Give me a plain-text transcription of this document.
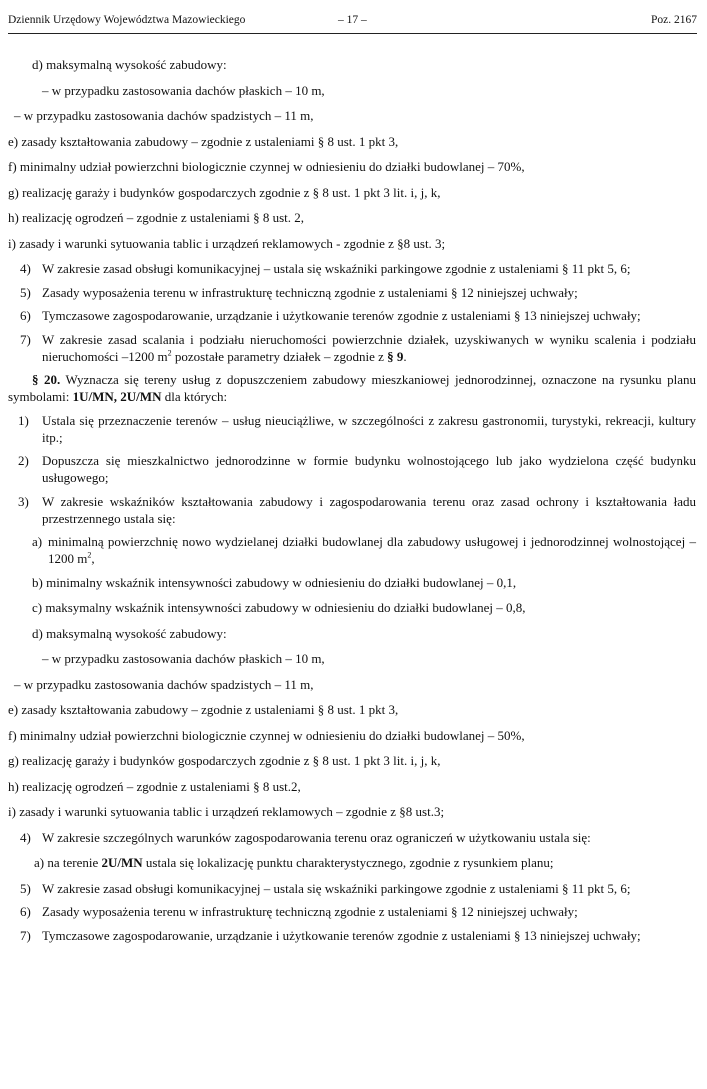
Dziennik Urzędowy Województwa Mazowieckiego	– 17 –	Poz. 2167
d) maksymalną wysokość zabudowy:
– w przypadku zastosowania dachów płaskich – 10 m,
– w przypadku zastosowania dachów spadzistych – 11 m,
e) zasady kształtowania zabudowy – zgodnie z ustaleniami § 8 ust. 1 pkt 3,
f) minimalny udział powierzchni biologicznie czynnej w odniesieniu do działki budowlanej – 70%,
g) realizację garaży i budynków gospodarczych zgodnie z § 8 ust. 1 pkt 3 lit. i, j, k,
h) realizację ogrodzeń – zgodnie z ustaleniami § 8 ust. 2,
i) zasady i warunki sytuowania tablic i urządzeń reklamowych - zgodnie z §8 ust. 3;
4) W zakresie zasad obsługi komunikacyjnej – ustala się wskaźniki parkingowe zgodnie z ustaleniami § 11 pkt 5, 6;
5) Zasady wyposażenia terenu w infrastrukturę techniczną zgodnie z ustaleniami § 12 niniejszej uchwały;
6) Tymczasowe zagospodarowanie, urządzanie i użytkowanie terenów zgodnie z ustaleniami § 13 niniejszej uchwały;
7) W zakresie zasad scalania i podziału nieruchomości powierzchnie działek, uzyskiwanych w wyniku scalenia i podziału nieruchomości –1200 $m^2$ pozostałe parametry działek – zgodnie z § 9.
§ 20. Wyznacza się tereny usług z dopuszczeniem zabudowy mieszkaniowej jednorodzinnej, oznaczone na rysunku planu symbolami: 1U/MN, 2U/MN dla których:
1)	Ustala się przeznaczenie terenów – usług nieuciążliwe, w szczególności z zakresu gastronomii, turystyki, rekreacji, kultury itp.;
2)	Dopuszcza się mieszkalnictwo jednorodzinne w formie budynku wolnostojącego lub jako wydzielona część budynku usługowego;
3)	W zakresie wskaźników kształtowania zabudowy i zagospodarowania terenu oraz zasad ochrony i kształtowania ładu przestrzennego ustala się:
a) minimalną powierzchnię nowo wydzielanej działki budowlanej dla zabudowy usługowej i jednorodzinnej wolnostojącej – 1200 $m^2$,
b) minimalny wskaźnik intensywności zabudowy w odniesieniu do działki budowlanej – 0,1,
c) maksymalny wskaźnik intensywności zabudowy w odniesieniu do działki budowlanej – 0,8,
d) maksymalną wysokość zabudowy:
– w przypadku zastosowania dachów płaskich – 10 m,
– w przypadku zastosowania dachów spadzistych – 11 m,
e) zasady kształtowania zabudowy – zgodnie z ustaleniami § 8 ust. 1 pkt 3,
f) minimalny udział powierzchni biologicznie czynnej w odniesieniu do działki budowlanej – 50%,
g) realizację garaży i budynków gospodarczych zgodnie z § 8 ust. 1 pkt 3 lit. i, j, k,
h) realizację ogrodzeń – zgodnie z ustaleniami § 8 ust.2,
i) zasady i warunki sytuowania tablic i urządzeń reklamowych – zgodnie z §8 ust.3;
4) W zakresie szczególnych warunków zagospodarowania terenu oraz ograniczeń w użytkowaniu ustala się:
a) na terenie 2U/MN ustala się lokalizację punktu charakterystycznego, zgodnie z rysunkiem planu;
5) W zakresie zasad obsługi komunikacyjnej – ustala się wskaźniki parkingowe zgodnie z ustaleniami § 11 pkt 5, 6;
6) Zasady wyposażenia terenu w infrastrukturę techniczną zgodnie z ustaleniami § 12 niniejszej uchwały;
7) Tymczasowe zagospodarowanie, urządzanie i użytkowanie terenów zgodnie z ustaleniami § 13 niniejszej uchwały;
